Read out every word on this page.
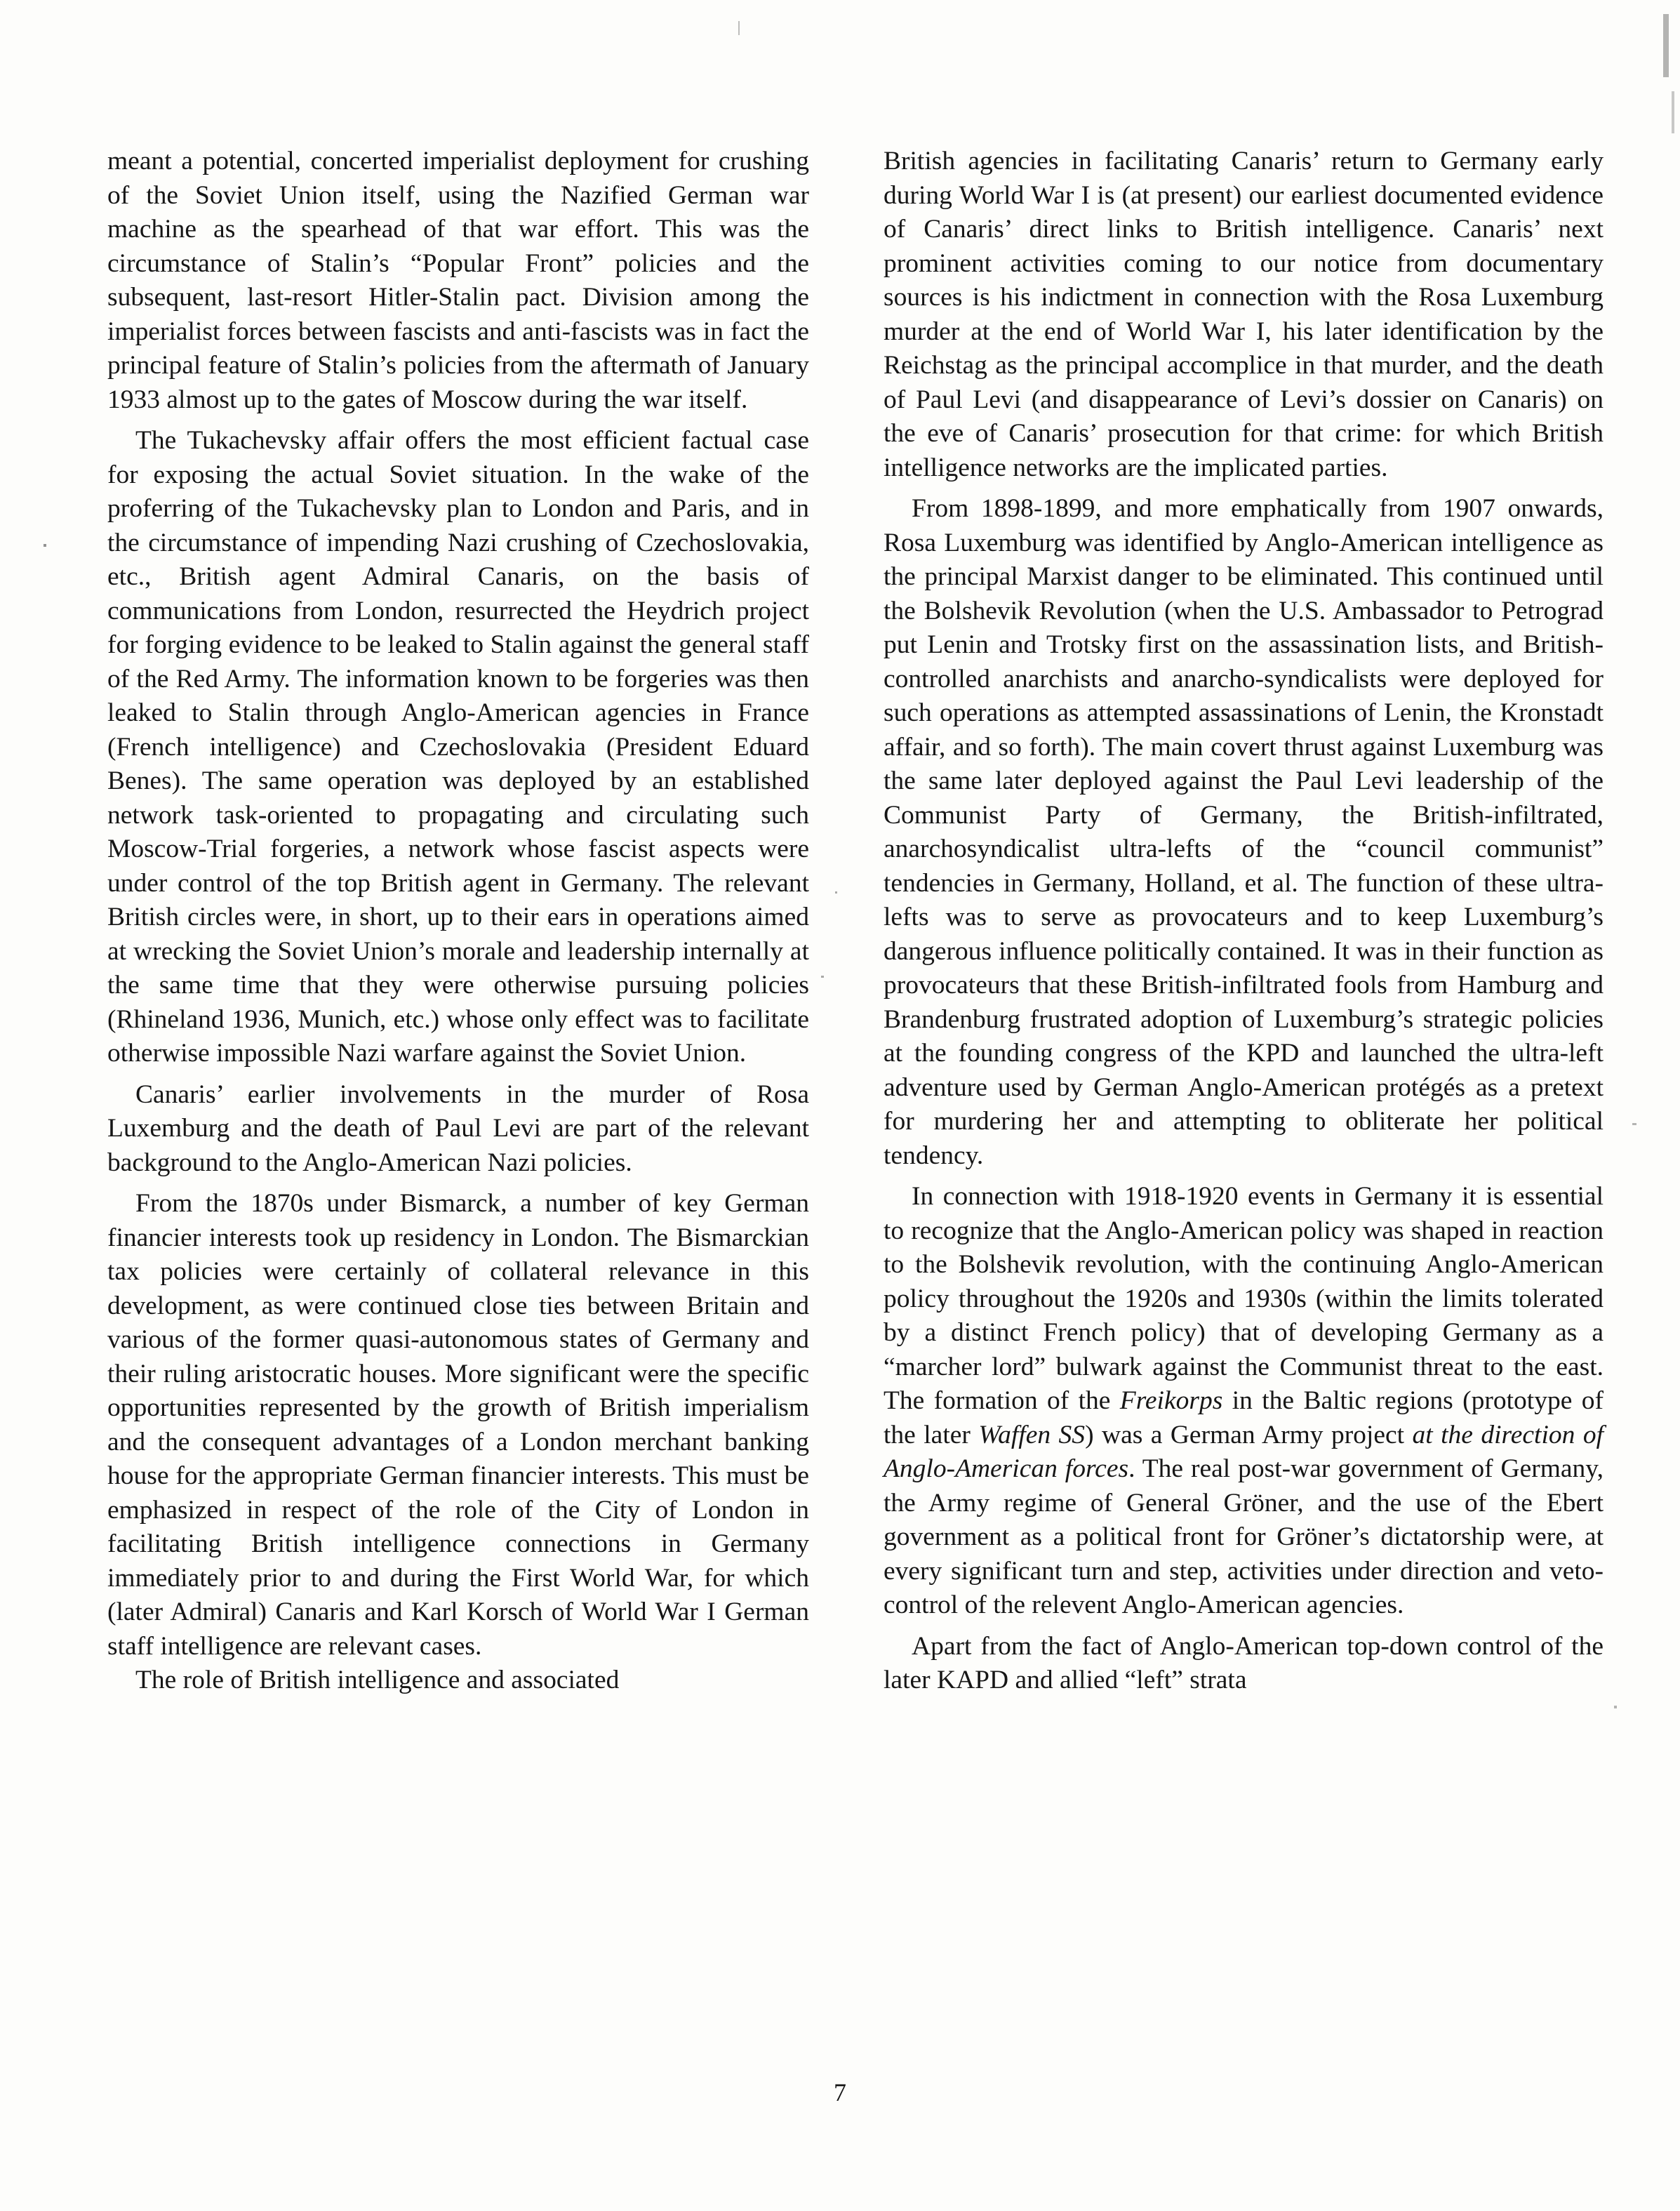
meant a potential, concerted imperialist deployment for crushing of the Soviet Union itself, using the Nazified German war machine as the spearhead of that war effort. This was the circumstance of Stalin’s “Popular Front” policies and the subsequent, last-resort Hitler-Stalin pact. Division among the imperialist forces between fascists and anti-fascists was in fact the principal feature of Stalin’s policies from the aftermath of January 1933 almost up to the gates of Moscow during the war itself.

The Tukachevsky affair offers the most efficient factual case for exposing the actual Soviet situation. In the wake of the proferring of the Tukachevsky plan to London and Paris, and in the circumstance of impending Nazi crushing of Czechoslovakia, etc., British agent Admiral Canaris, on the basis of communications from London, resurrected the Heydrich project for forging evidence to be leaked to Stalin against the general staff of the Red Army. The information known to be forgeries was then leaked to Stalin through Anglo-American agencies in France (French intelligence) and Czechoslovakia (President Eduard Benes). The same operation was deployed by an established network task-oriented to propagating and circulating such Moscow-Trial forgeries, a network whose fascist aspects were under control of the top British agent in Germany. The relevant British circles were, in short, up to their ears in operations aimed at wrecking the Soviet Union’s morale and leadership internally at the same time that they were otherwise pursuing policies (Rhineland 1936, Munich, etc.) whose only effect was to facilitate otherwise impossible Nazi warfare against the Soviet Union.

Canaris’ earlier involvements in the murder of Rosa Luxemburg and the death of Paul Levi are part of the relevant background to the Anglo-American Nazi policies.

From the 1870s under Bismarck, a number of key German financier interests took up residency in London. The Bismarckian tax policies were certainly of collateral relevance in this development, as were continued close ties between Britain and various of the former quasi-autonomous states of Germany and their ruling aristocratic houses. More significant were the specific opportunities represented by the growth of British imperialism and the consequent advantages of a London merchant banking house for the appropriate German financier interests. This must be emphasized in respect of the role of the City of London in facilitating British intelligence connections in Germany immediately prior to and during the First World War, for which (later Admiral) Canaris and Karl Korsch of World War I German staff intelligence are relevant cases.

The role of British intelligence and associated

British agencies in facilitating Canaris’ return to Germany early during World War I is (at present) our earliest documented evidence of Canaris’ direct links to British intelligence. Canaris’ next prominent activities coming to our notice from documentary sources is his indictment in connection with the Rosa Luxemburg murder at the end of World War I, his later identification by the Reichstag as the principal accomplice in that murder, and the death of Paul Levi (and disappearance of Levi’s dossier on Canaris) on the eve of Canaris’ prosecution for that crime: for which British intelligence networks are the implicated parties.

From 1898-1899, and more emphatically from 1907 onwards, Rosa Luxemburg was identified by Anglo-American intelligence as the principal Marxist danger to be eliminated. This continued until the Bolshevik Revolution (when the U.S. Ambassador to Petrograd put Lenin and Trotsky first on the assassination lists, and British-controlled anarchists and anarcho-syndicalists were deployed for such operations as attempted assassinations of Lenin, the Kronstadt affair, and so forth). The main covert thrust against Luxemburg was the same later deployed against the Paul Levi leadership of the Communist Party of Germany, the British-infiltrated, anarchosyndicalist ultra-lefts of the “council communist” tendencies in Germany, Holland, et al. The function of these ultra-lefts was to serve as provocateurs and to keep Luxemburg’s dangerous influence politically contained. It was in their function as provocateurs that these British-infiltrated fools from Hamburg and Brandenburg frustrated adoption of Luxemburg’s strategic policies at the founding congress of the KPD and launched the ultra-left adventure used by German Anglo-American protégés as a pretext for murdering her and attempting to obliterate her political tendency.

In connection with 1918-1920 events in Germany it is essential to recognize that the Anglo-American policy was shaped in reaction to the Bolshevik revolution, with the continuing Anglo-American policy throughout the 1920s and 1930s (within the limits tolerated by a distinct French policy) that of developing Germany as a “marcher lord” bulwark against the Communist threat to the east. The formation of the Freikorps in the Baltic regions (prototype of the later Waffen SS) was a German Army project at the direction of Anglo-American forces. The real post-war government of Germany, the Army regime of General Gröner, and the use of the Ebert government as a political front for Gröner’s dictatorship were, at every significant turn and step, activities under direction and veto-control of the relevent Anglo-American agencies.

Apart from the fact of Anglo-American top-down control of the later KAPD and allied “left” strata

7
